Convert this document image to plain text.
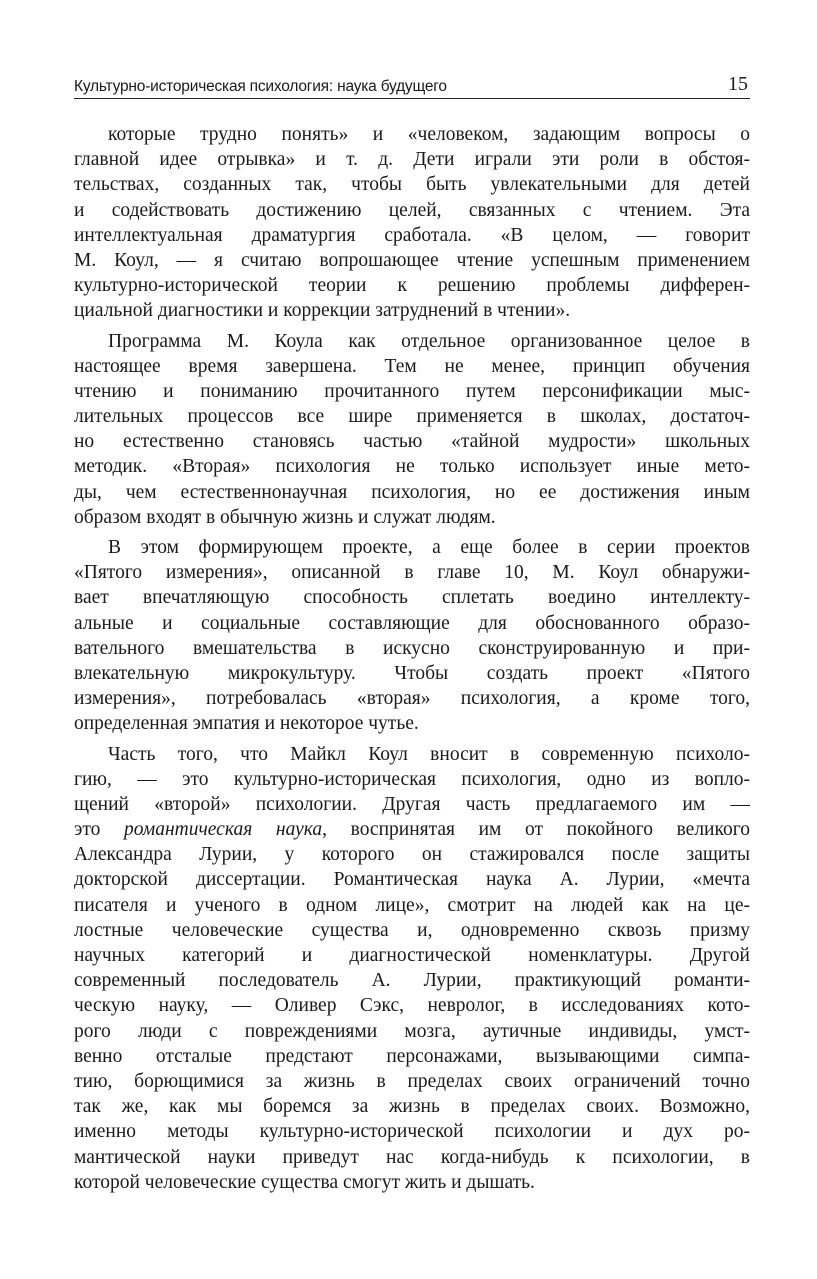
Культурно-историческая психология: наука будущего	15
которые трудно понять» и «человеком, задающим вопросы о
главной идее отрывка» и т. д. Дети играли эти роли в обстоя-
тельствах, созданных так, чтобы быть увлекательными для детей
и содействовать достижению целей, связанных с чтением. Эта
интеллектуальная драматургия сработала. «В целом, — говорит
М. Коул, — я считаю вопрошающее чтение успешным применением
культурно-исторической теории к решению проблемы дифферен-
циальной диагностики и коррекции затруднений в чтении».
Программа М. Коула как отдельное организованное целое в
настоящее время завершена. Тем не менее, принцип обучения
чтению и пониманию прочитанного путем персонификации мыс-
лительных процессов все шире применяется в школах, достаточ-
но естественно становясь частью «тайной мудрости» школьных
методик. «Вторая» психология не только использует иные мето-
ды, чем естественнонаучная психология, но ее достижения иным
образом входят в обычную жизнь и служат людям.
В этом формирующем проекте, а еще более в серии проектов
«Пятого измерения», описанной в главе 10, М. Коул обнаружи-
вает впечатляющую способность сплетать воедино интеллекту-
альные и социальные составляющие для обоснованного образо-
вательного вмешательства в искусно сконструированную и при-
влекательную микрокультуру. Чтобы создать проект «Пятого
измерения», потребовалась «вторая» психология, а кроме того,
определенная эмпатия и некоторое чутье.
Часть того, что Майкл Коул вносит в современную психоло-
гию, — это культурно-историческая психология, одно из вопло-
щений «второй» психологии. Другая часть предлагаемого им —
это романтическая наука, воспринятая им от покойного великого
Александра Лурии, у которого он стажировался после защиты
докторской диссертации. Романтическая наука А. Лурии, «мечта
писателя и ученого в одном лице», смотрит на людей как на це-
лостные человеческие существа и, одновременно сквозь призму
научных категорий и диагностической номенклатуры. Другой
современный последователь А. Лурии, практикующий романти-
ческую науку, — Оливер Сэкс, невролог, в исследованиях кото-
рого люди с повреждениями мозга, аутичные индивиды, умст-
венно отсталые предстают персонажами, вызывающими симпа-
тию, борющимися за жизнь в пределах своих ограничений точно
так же, как мы боремся за жизнь в пределах своих. Возможно,
именно методы культурно-исторической психологии и дух ро-
мантической науки приведут нас когда-нибудь к психологии, в
которой человеческие существа смогут жить и дышать.
